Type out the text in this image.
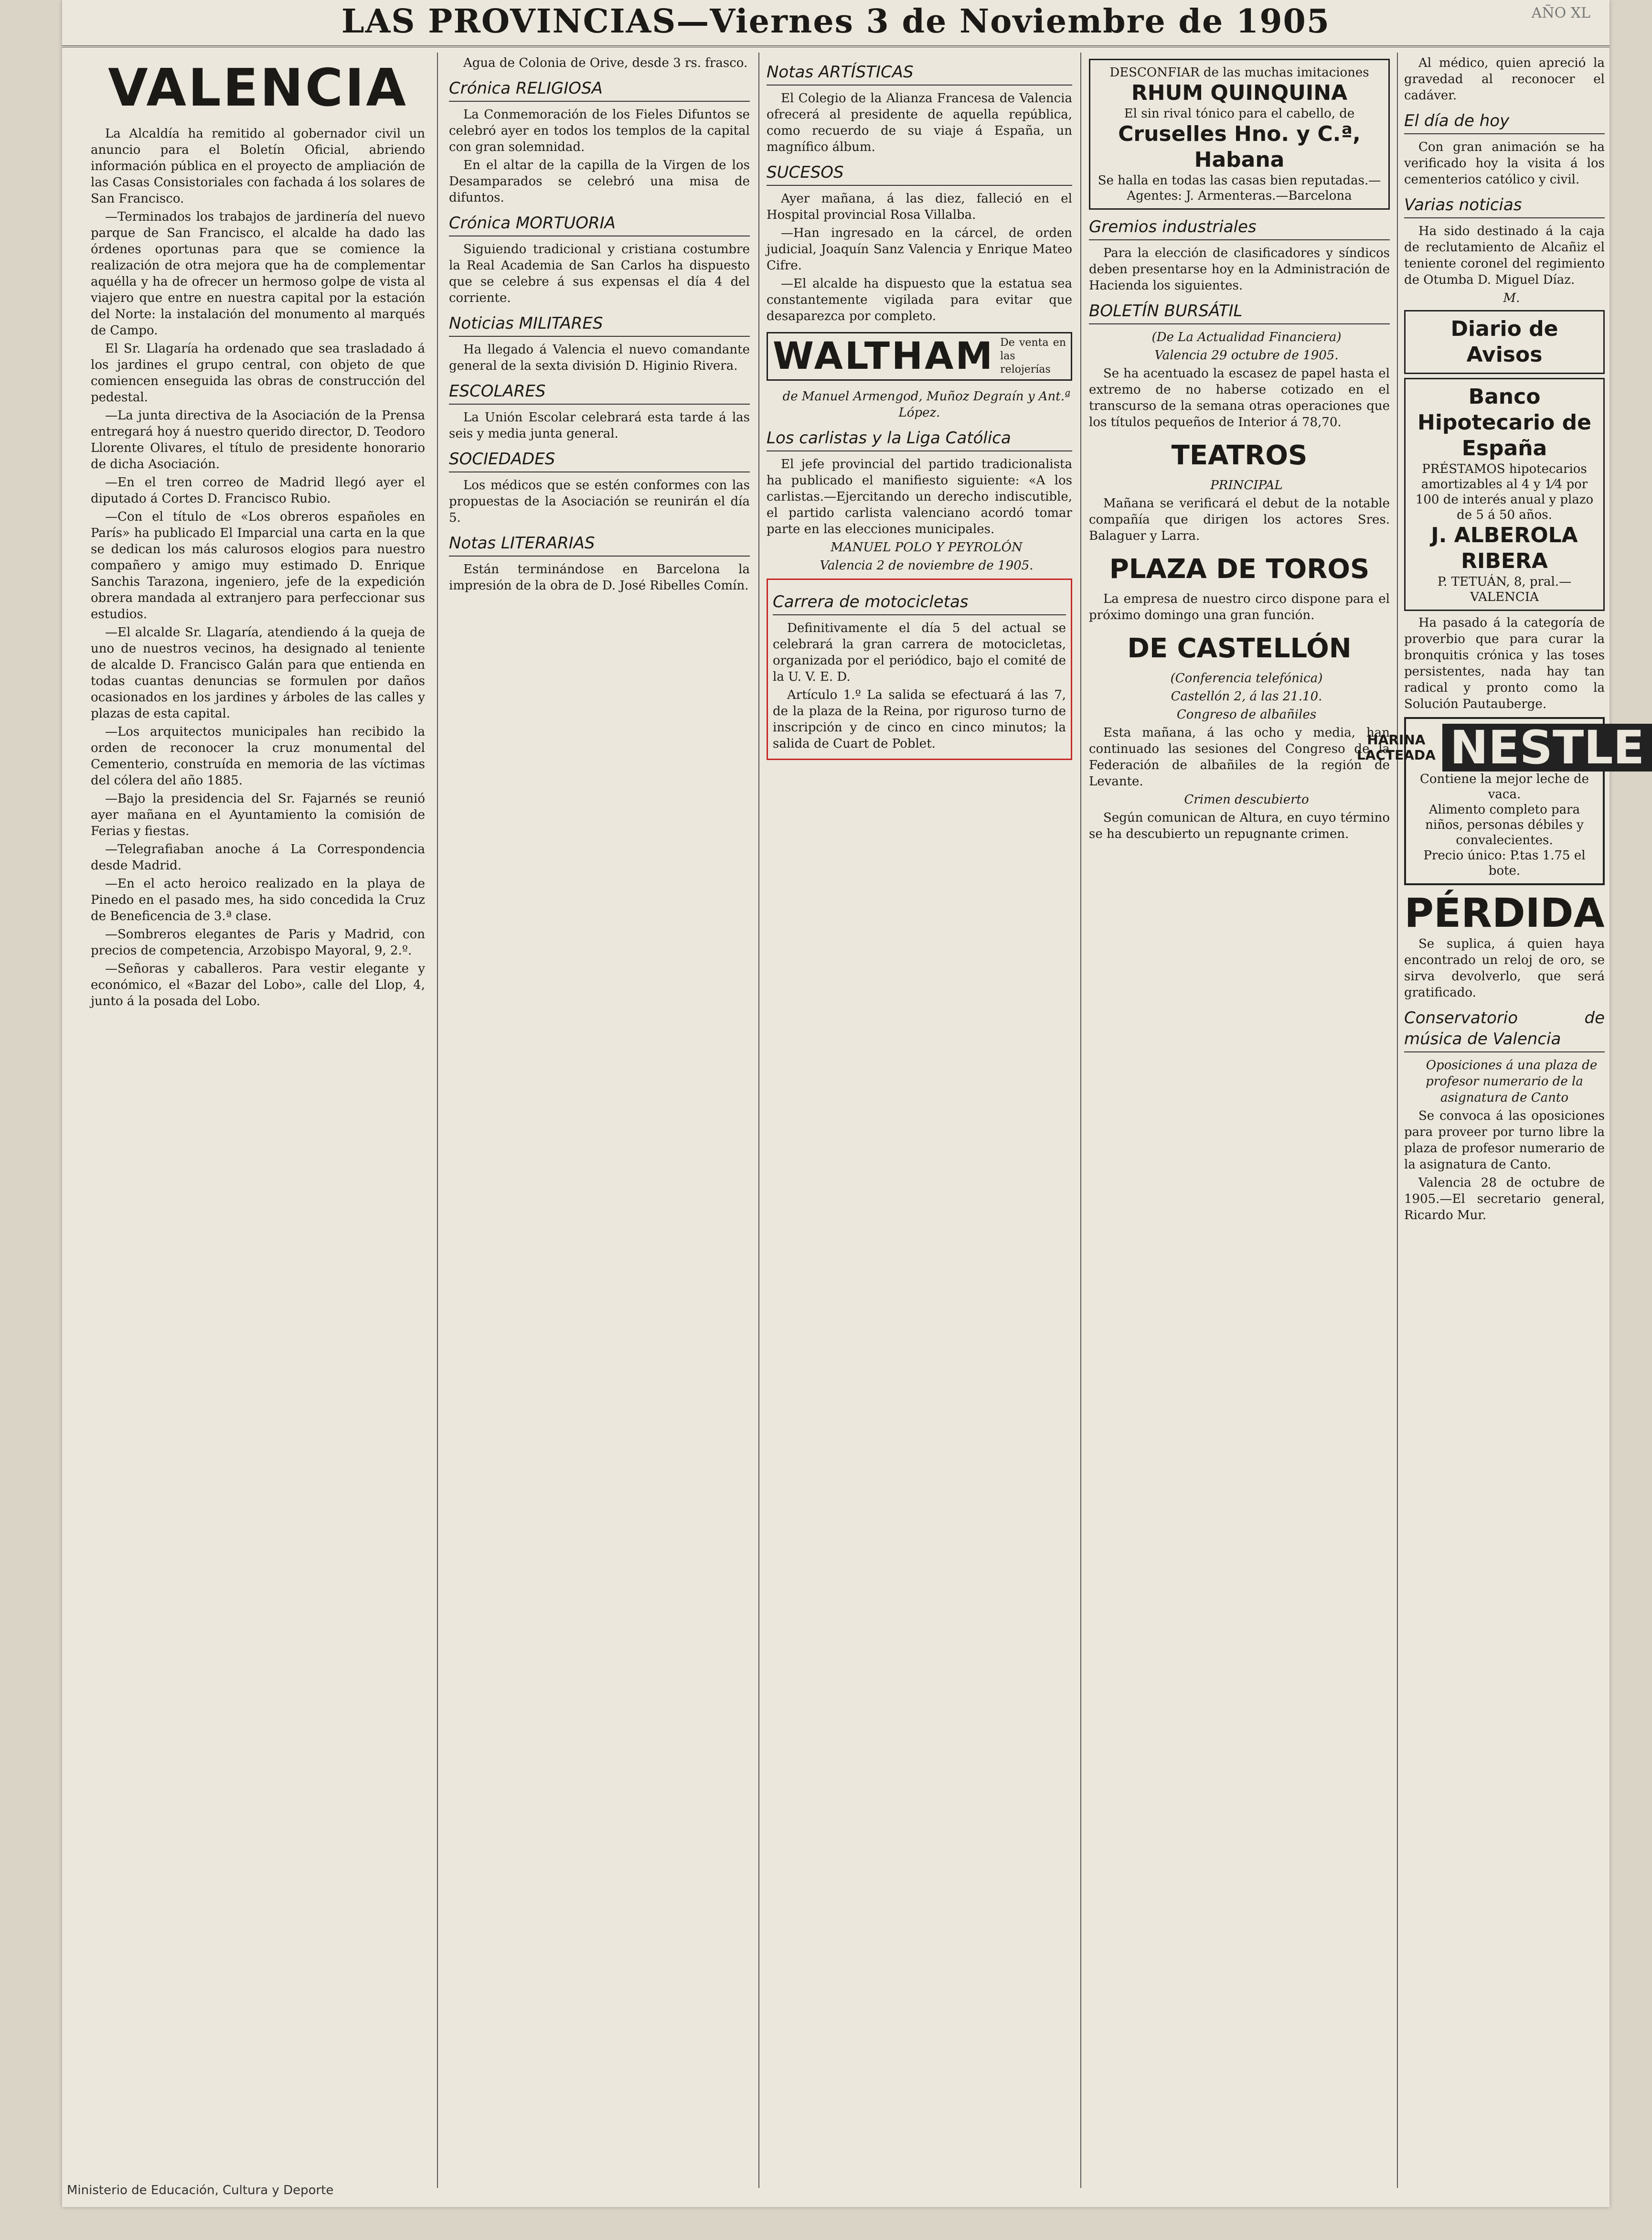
LAS PROVINCIAS—Viernes 3 de Noviembre de 1905	AÑO XL
VALENCIA

La Alcaldía ha remitido al gobernador civil un anuncio para el Boletín Oficial, abriendo información pública en el proyecto de ampliación de las Casas Consistoriales con fachada á los solares de San Francisco.

—Terminados los trabajos de jardinería del nuevo parque de San Francisco, el alcalde ha dado las órdenes oportunas para que se comience la realización de otra mejora que ha de complementar aquélla y ha de ofrecer un hermoso golpe de vista al viajero que entre en nuestra capital por la estación del Norte: la instalación del monumento al marqués de Campo.

El Sr. Llagaría ha ordenado que sea trasladado á los jardines el grupo central, con objeto de que comiencen enseguida las obras de construcción del pedestal.

—La junta directiva de la Asociación de la Prensa entregará hoy á nuestro querido director, D. Teodoro Llorente Olivares, el título de presidente honorario de dicha Asociación.

—En el tren correo de Madrid llegó ayer el diputado á Cortes D. Francisco Rubio.

—Con el título de «Los obreros españoles en París» ha publicado El Imparcial una carta en la que se dedican los más calurosos elogios para nuestro compañero y amigo muy estimado D. Enrique Sanchis Tarazona, ingeniero, jefe de la expedición obrera mandada al extranjero para perfeccionar sus estudios.

—El alcalde Sr. Llagaría, atendiendo á la queja de uno de nuestros vecinos, ha designado al teniente de alcalde D. Francisco Galán para que entienda en todas cuantas denuncias se formulen por daños ocasionados en los jardines y árboles de las calles y plazas de esta capital.

—Los arquitectos municipales han recibido la orden de reconocer la cruz monumental del Cementerio, construída en memoria de las víctimas del cólera del año 1885.

—Bajo la presidencia del Sr. Fajarnés se reunió ayer mañana en el Ayuntamiento la comisión de Ferias y fiestas.

—Telegrafiaban anoche á La Correspondencia desde Madrid.

—En el acto heroico realizado en la playa de Pinedo en el pasado mes, ha sido concedida la Cruz de Beneficencia de 3.ª clase.

—Sombreros elegantes de Paris y Madrid, con precios de competencia, Arzobispo Mayoral, 9, 2.º.

—Señoras y caballeros. Para vestir elegante y económico, el «Bazar del Lobo», calle del Llop, 4, junto á la posada del Lobo.

Agua de Colonia de Orive, desde 3 rs. frasco.

Crónica RELIGIOSA

La Conmemoración de los Fieles Difuntos se celebró ayer en todos los templos de la capital con gran solemnidad.

En el altar de la capilla de la Virgen de los Desamparados se celebró una misa de difuntos.

Crónica MORTUORIA

Siguiendo tradicional y cristiana costumbre la Real Academia de San Carlos ha dispuesto que se celebre á sus expensas el día 4 del corriente.

Noticias MILITARES

Ha llegado á Valencia el nuevo comandante general de la sexta división D. Higinio Rivera.

ESCOLARES

La Unión Escolar celebrará esta tarde á las seis y media junta general.

SOCIEDADES

Los médicos que se estén conformes con las propuestas de la Asociación se reunirán el día 5.

Notas LITERARIAS

Están terminándose en Barcelona la impresión de la obra de D. José Ribelles Comín.

Notas ARTÍSTICAS

El Colegio de la Alianza Francesa de Valencia ofrecerá al presidente de aquella república, como recuerdo de su viaje á España, un magnífico álbum.

SUCESOS

Ayer mañana, á las diez, falleció en el Hospital provincial Rosa Villalba.

—Han ingresado en la cárcel, de orden judicial, Joaquín Sanz Valencia y Enrique Mateo Cifre.

—El alcalde ha dispuesto que la estatua sea constantemente vigilada para evitar que desaparezca por completo.

WALTHAM De venta en las relojerías

de Manuel Armengod, Muñoz Degraín y Ant.ª López.

Los carlistas y la Liga Católica

El jefe provincial del partido tradicionalista ha publicado el manifiesto siguiente: «A los carlistas.—Ejercitando un derecho indiscutible, el partido carlista valenciano acordó tomar parte en las elecciones municipales.

MANUEL POLO Y PEYROLÓN

Valencia 2 de noviembre de 1905.

Carrera de motocicletas

Definitivamente el día 5 del actual se celebrará la gran carrera de motocicletas, organizada por el periódico, bajo el comité de la U. V. E. D.

Artículo 1.º La salida se efectuará á las 7, de la plaza de la Reina, por riguroso turno de inscripción y de cinco en cinco minutos; la salida de Cuart de Poblet.

DESCONFIAR de las muchas imitaciones
RHUM QUINQUINA
El sin rival tónico para el cabello, de
Cruselles Hno. y C.ª, Habana
Se halla en todas las casas bien reputadas.—Agentes: J. Armenteras.—Barcelona
Gremios industriales

Para la elección de clasificadores y síndicos deben presentarse hoy en la Administración de Hacienda los siguientes.

BOLETÍN BURSÁTIL

(De La Actualidad Financiera)

Valencia 29 octubre de 1905.

Se ha acentuado la escasez de papel hasta el extremo de no haberse cotizado en el transcurso de la semana otras operaciones que los títulos pequeños de Interior á 78,70.

TEATROS

PRINCIPAL

Mañana se verificará el debut de la notable compañía que dirigen los actores Sres. Balaguer y Larra.

PLAZA DE TOROS

La empresa de nuestro circo dispone para el próximo domingo una gran función.

DE CASTELLÓN

(Conferencia telefónica)

Castellón 2, á las 21.10.

Congreso de albañiles

Esta mañana, á las ocho y media, han continuado las sesiones del Congreso de la Federación de albañiles de la región de Levante.

Crimen descubierto

Según comunican de Altura, en cuyo término se ha descubierto un repugnante crimen.

Al médico, quien apreció la gravedad al reconocer el cadáver.

El día de hoy

Con gran animación se ha verificado hoy la visita á los cementerios católico y civil.

Varias noticias

Ha sido destinado á la caja de reclutamiento de Alcañiz el teniente coronel del regimiento de Otumba D. Miguel Díaz.

M.

Diario de Avisos
Banco Hipotecario de España
PRÉSTAMOS hipotecarios amortizables al 4 y 1⁄4 por 100 de interés anual y plazo de 5 á 50 años.
J. ALBEROLA RIBERA
P. TETUÁN, 8, pral.—VALENCIA

Ha pasado á la categoría de proverbio que para curar la bronquitis crónica y las toses persistentes, nada hay tan radical y pronto como la Solución Pautauberge.

HARINA
LACTEADA NESTLE
Contiene la mejor leche de vaca.
Alimento completo para niños, personas débiles y convalecientes.
Precio único: P.tas 1.75 el bote.
PÉRDIDA

Se suplica, á quien haya encontrado un reloj de oro, se sirva devolverlo, que será gratificado.

Conservatorio de música de Valencia

Oposiciones á una plaza de profesor numerario de la asignatura de Canto

Se convoca á las oposiciones para proveer por turno libre la plaza de profesor numerario de la asignatura de Canto.

Valencia 28 de octubre de 1905.—El secretario general, Ricardo Mur.

Ministerio de Educación, Cultura y Deporte
